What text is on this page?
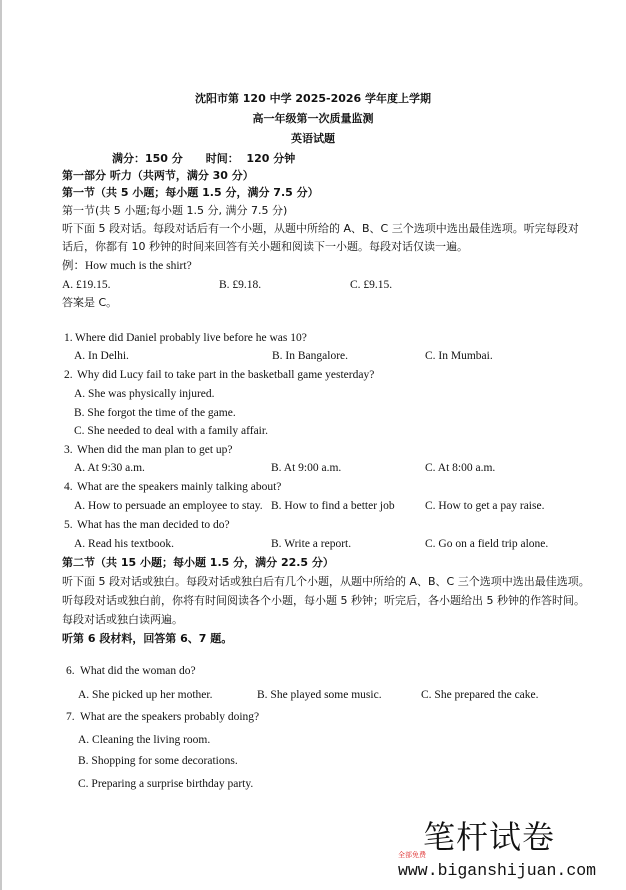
沈阳市第 120 中学 2025-2026 学年度上学期
高一年级第一次质量监测
英语试题
满分：150 分      时间：  120 分钟
第一部分 听力（共两节，满分 30 分）
第一节（共 5 小题；每小题 1.5 分，满分 7.5 分）
第一节(共 5 小题;每小题 1.5 分, 满分 7.5 分)
听下面 5 段对话。每段对话后有一个小题，从题中所给的 A、B、C 三个选项中选出最佳选项。听完每段对
话后，你都有 10 秒钟的时间来回答有关小题和阅读下一小题。每段对话仅读一遍。
例：How much is the shirt?
A. £19.15.	B. £9.18.	C. £9.15.
答案是 C。
1. Where did Daniel probably live before he was 10?
A. In Delhi.	B. In Bangalore.	C. In Mumbai.
2. Why did Lucy fail to take part in the basketball game yesterday?
A. She was physically injured.
B. She forgot the time of the game.
C. She needed to deal with a family affair.
3. When did the man plan to get up?
A. At 9:30 a.m.	B. At 9:00 a.m.	C. At 8:00 a.m.
4. What are the speakers mainly talking about?
A. How to persuade an employee to stay. B. How to find a better job	C. How to get a pay raise.
5. What has the man decided to do?
A. Read his textbook.	B. Write a report.	C. Go on a field trip alone.
第二节（共 15 小题；每小题 1.5 分，满分 22.5 分）
听下面 5 段对话或独白。每段对话或独白后有几个小题，从题中所给的 A、B、C 三个选项中选出最佳选项。
听每段对话或独白前，你将有时间阅读各个小题，每小题 5 秒钟；听完后，各小题给出 5 秒钟的作答时间。
每段对话或独白读两遍。
听第 6 段材料，回答第 6、7 题。
6. What did the woman do?
A. She picked up her mother.	B. She played some music.	C. She prepared the cake.
7. What are the speakers probably doing?
A. Cleaning the living room.
B. Shopping for some decorations.
C. Preparing a surprise birthday party.
笔杆试卷
全部免费
www.biganshijuan.com
